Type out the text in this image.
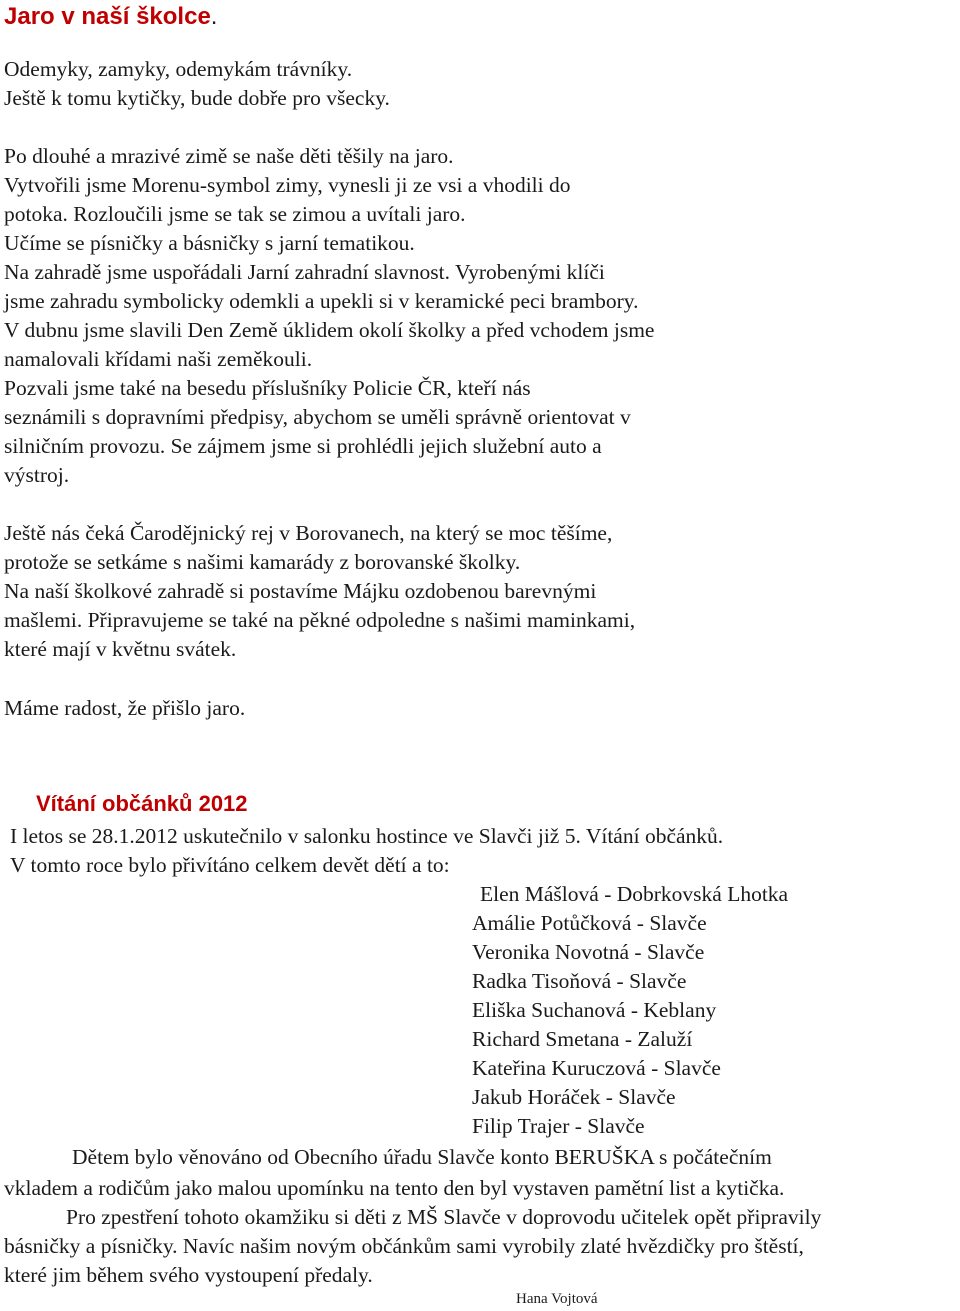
Jaro v naší školce.
Odemyky, zamyky, odemykám trávníky.
Ještě k tomu kytičky, bude dobře pro všecky.
Po dlouhé a mrazivé zimě se naše děti těšily na jaro.
Vytvořili jsme Morenu-symbol zimy, vynesli ji ze vsi a vhodili do
potoka. Rozloučili jsme se tak se zimou a uvítali jaro.
Učíme se písničky a básničky s jarní tematikou.
Na zahradě jsme uspořádali Jarní zahradní slavnost. Vyrobenými klíči
jsme zahradu symbolicky odemkli a upekli si v keramické peci brambory.
V dubnu jsme slavili Den Země úklidem okolí školky a před vchodem jsme
namalovali křídami naši zeměkouli.
Pozvali jsme také na besedu příslušníky Policie ČR, kteří nás
seznámili s dopravními předpisy, abychom se uměli správně orientovat v
silničním provozu. Se zájmem jsme si prohlédli jejich služební auto a
výstroj.
Ještě nás čeká Čarodějnický rej v Borovanech, na který se moc těšíme,
protože se setkáme s našimi kamarády z borovanské školky.
Na naší školkové zahradě si postavíme Májku ozdobenou barevnými
mašlemi. Připravujeme se také na pěkné odpoledne s našimi maminkami,
které mají v květnu svátek.
Máme radost, že přišlo jaro.
Vítání občánků 2012
I letos se 28.1.2012 uskutečnilo v salonku hostince ve Slavči již 5. Vítání občánků.
V tomto roce bylo přivítáno celkem devět dětí a to:
Elen Mášlová - Dobrkovská Lhotka
Amálie Potůčková - Slavče
Veronika Novotná - Slavče
Radka Tisoňová - Slavče
Eliška Suchanová - Keblany
Richard Smetana - Zaluží
Kateřina Kuruczová - Slavče
Jakub Horáček - Slavče
Filip Trajer - Slavče
Dětem bylo věnováno od Obecního úřadu Slavče konto BERUŠKA s počátečním
vkladem a rodičům jako malou upomínku na tento den byl vystaven pamětní list a kytička.
Pro zpestření tohoto okamžiku si děti z MŠ Slavče v doprovodu učitelek opět připravily
básničky a písničky. Navíc našim novým občánkům sami vyrobily zlaté hvězdičky pro štěstí,
které jim během svého vystoupení předaly.
Hana Vojtová
